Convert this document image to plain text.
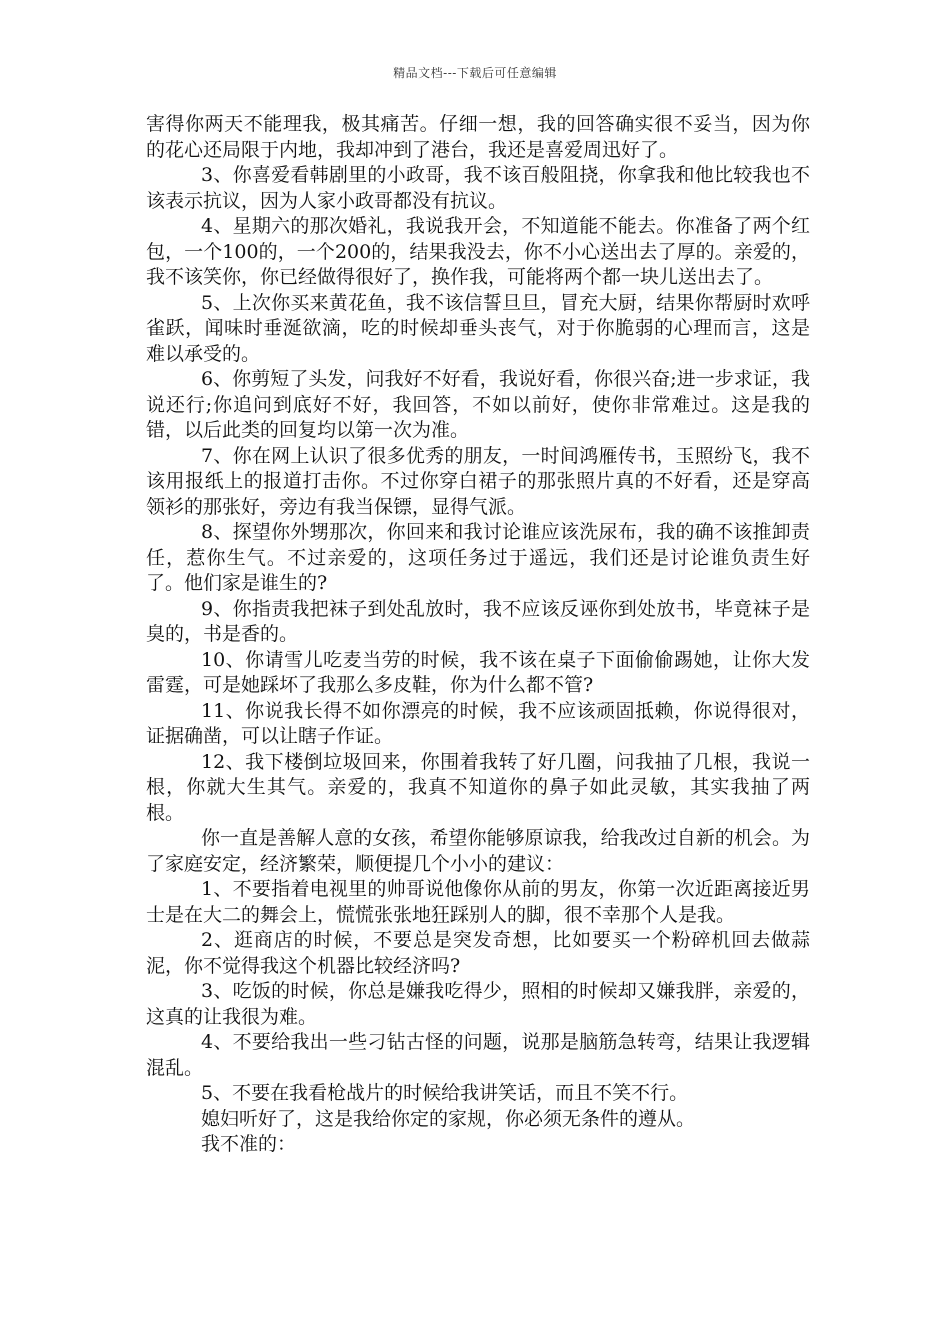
精品文档---下载后可任意编辑

害得你两天不能理我，极其痛苦。仔细一想，我的回答确实很不妥当，因为你的花心还局限于内地，我却冲到了港台，我还是喜爱周迅好了。

3、你喜爱看韩剧里的小政哥，我不该百般阻挠，你拿我和他比较我也不该表示抗议，因为人家小政哥都没有抗议。

4、星期六的那次婚礼，我说我开会，不知道能不能去。你准备了两个红包，一个100的，一个200的，结果我没去，你不小心送出去了厚的。亲爱的，我不该笑你，你已经做得很好了，换作我，可能将两个都一块儿送出去了。

5、上次你买来黄花鱼，我不该信誓旦旦，冒充大厨，结果你帮厨时欢呼雀跃，闻味时垂涎欲滴，吃的时候却垂头丧气，对于你脆弱的心理而言，这是难以承受的。

6、你剪短了头发，问我好不好看，我说好看，你很兴奋;进一步求证，我说还行;你追问到底好不好，我回答，不如以前好，使你非常难过。这是我的错，以后此类的回复均以第一次为准。

7、你在网上认识了很多优秀的朋友，一时间鸿雁传书，玉照纷飞，我不该用报纸上的报道打击你。不过你穿白裙子的那张照片真的不好看，还是穿高领衫的那张好，旁边有我当保镖，显得气派。

8、探望你外甥那次，你回来和我讨论谁应该洗尿布，我的确不该推卸责任，惹你生气。不过亲爱的，这项任务过于遥远，我们还是讨论谁负责生好了。他们家是谁生的?

9、你指责我把袜子到处乱放时，我不应该反诬你到处放书，毕竟袜子是臭的，书是香的。

10、你请雪儿吃麦当劳的时候，我不该在桌子下面偷偷踢她，让你大发雷霆，可是她踩坏了我那么多皮鞋，你为什么都不管?

11、你说我长得不如你漂亮的时候，我不应该顽固抵赖，你说得很对，证据确凿，可以让瞎子作证。

12、我下楼倒垃圾回来，你围着我转了好几圈，问我抽了几根，我说一根，你就大生其气。亲爱的，我真不知道你的鼻子如此灵敏，其实我抽了两根。

你一直是善解人意的女孩，希望你能够原谅我，给我改过自新的机会。为了家庭安定，经济繁荣，顺便提几个小小的建议：

1、不要指着电视里的帅哥说他像你从前的男友，你第一次近距离接近男士是在大二的舞会上，慌慌张张地狂踩别人的脚，很不幸那个人是我。

2、逛商店的时候，不要总是突发奇想，比如要买一个粉碎机回去做蒜泥，你不觉得我这个机器比较经济吗?

3、吃饭的时候，你总是嫌我吃得少，照相的时候却又嫌我胖，亲爱的，这真的让我很为难。

4、不要给我出一些刁钻古怪的问题，说那是脑筋急转弯，结果让我逻辑混乱。

5、不要在我看枪战片的时候给我讲笑话，而且不笑不行。

媳妇听好了，这是我给你定的家规，你必须无条件的遵从。

我不准的：
